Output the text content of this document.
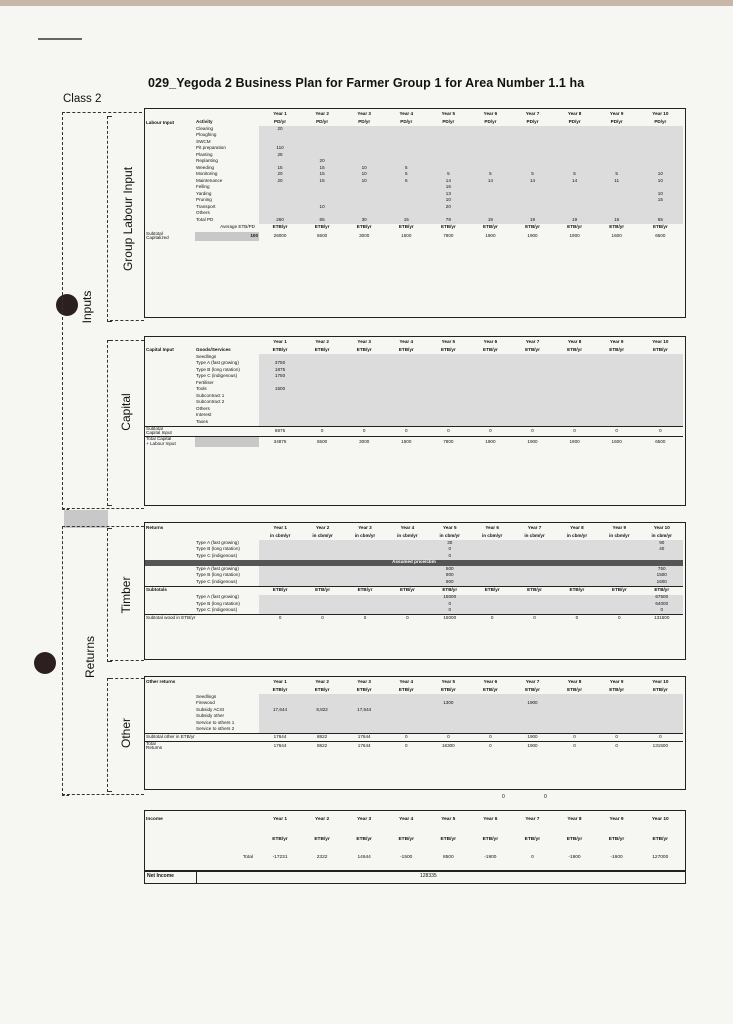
029_Yegoda 2 Business Plan for Farmer Group 1 for Area Number 1.1 ha
Class 2
Inputs
Group Labour Input
Capital
Returns
Timber
Other
		Year 1	Year 2	Year 3	Year 4	Year 5	Year 6	Year 7	Year 8	Year 9	Year 10
	Activity	PD/yr	PD/yr	PD/yr	PD/yr	PD/yr	PD/yr	PD/yr	PD/yr	PD/yr	PD/yr
	Clearing	20									
	Ploughing										
	SWCM										
	Pit preparation	110									
	Planting	25									
	Replanting		20								
	Weeding	15	15	10	5						
	Monitoring	20	15	10	5	5	5	5	5	5	10
	Maintenance	20	15	10	5	14	14	14	14	11	10
	Felling					16					
	Yarding					13					10
	Pruning					10					15
	Transport		10			20					
	Others										
	Total PD	260	65	30	15	78	19	19	19	16	65
Average ETB/PD		ETB/yr	ETB/yr	ETB/yr	ETB/yr	ETB/yr	ETB/yr	ETB/yr	ETB/yr	ETB/yr	ETB/yr
Subtotal
Capitalized	100	26000	6500	3000	1500	7800	1900	1900	1900	1600	6500
Labour Input
		Year 1	Year 2	Year 3	Year 4	Year 5	Year 6	Year 7	Year 8	Year 9	Year 10
Capital Input	Goods/Services	ETB/yr	ETB/yr	ETB/yr	ETB/yr	ETB/yr	ETB/yr	ETB/yr	ETB/yr	ETB/yr	ETB/yr
	Seedlings										
	Type A (fast growing)	3750									
	Type B (long rotation)	1875									
	Type C (indigenous)	1750									
	Fertiliser										
	Tools	1500									
	Subcontract 1										
	Subcontract 2										
	Others										
	Interest										
	Taxes										
Subtotal
Capital Input		8875	0	0	0	0	0	0	0	0	0
Total Capital
+ Labour Input		34875	6500	3000	1500	7800	1900	1900	1900	1600	6500
Returns		Year 1	Year 2	Year 3	Year 4	Year 5	Year 6	Year 7	Year 8	Year 9	Year 10
		in cbm/yr	in cbm/yr	in cbm/yr	in cbm/yr	in cbm/yr	in cbm/yr	in cbm/yr	in cbm/yr	in cbm/yr	in cbm/yr
	Type A (fast growing)					30					90
	Type B (long rotation)					0					40
	Type C (indigenous)					0					
Assumed price/cbm											
	Type A (fast growing)					500					750
	Type B (long rotation)					900					1500
	Type C (indigenous)					900					1600
Subtotals		ETB/yr	ETB/yr	ETB/yr	ETB/yr	ETB/yr	ETB/yr	ETB/yr	ETB/yr	ETB/yr	ETB/yr
	Type A (fast growing)					15000					67500
	Type B (long rotation)					0					64000
	Type C (indigenous)					0					0
Subtotal wood in ETB/yr		0	0	0	0	15000	0	0	0	0	131500
Other returns		Year 1	Year 2	Year 3	Year 4	Year 5	Year 6	Year 7	Year 8	Year 9	Year 10
		ETB/yr	ETB/yr	ETB/yr	ETB/yr	ETB/yr	ETB/yr	ETB/yr	ETB/yr	ETB/yr	ETB/yr
	Seedlings										
	Firewood					1300		1900			
	Subsidy ACSI	17,644	8,822	17,644							
	Subsidy other										
	Service to others 1										
	Service to others 2										
Subtotal other in ETB/yr		17644	8822	17644	0	0	0	1900	0	0	0
Total
Returns		17644	8822	17644	0	16300	0	1900	0	0	131500
0	0
Income		Year 1	Year 2	Year 3	Year 4	Year 5	Year 6	Year 7	Year 8	Year 9	Year 10

		ETB/yr	ETB/yr	ETB/yr	ETB/yr	ETB/yr	ETB/yr	ETB/yr	ETB/yr	ETB/yr	ETB/yr

	Total	-17231	2322	14644	-1500	8500	-1900	0	-1900	-1600	127000
Net Income	128335
